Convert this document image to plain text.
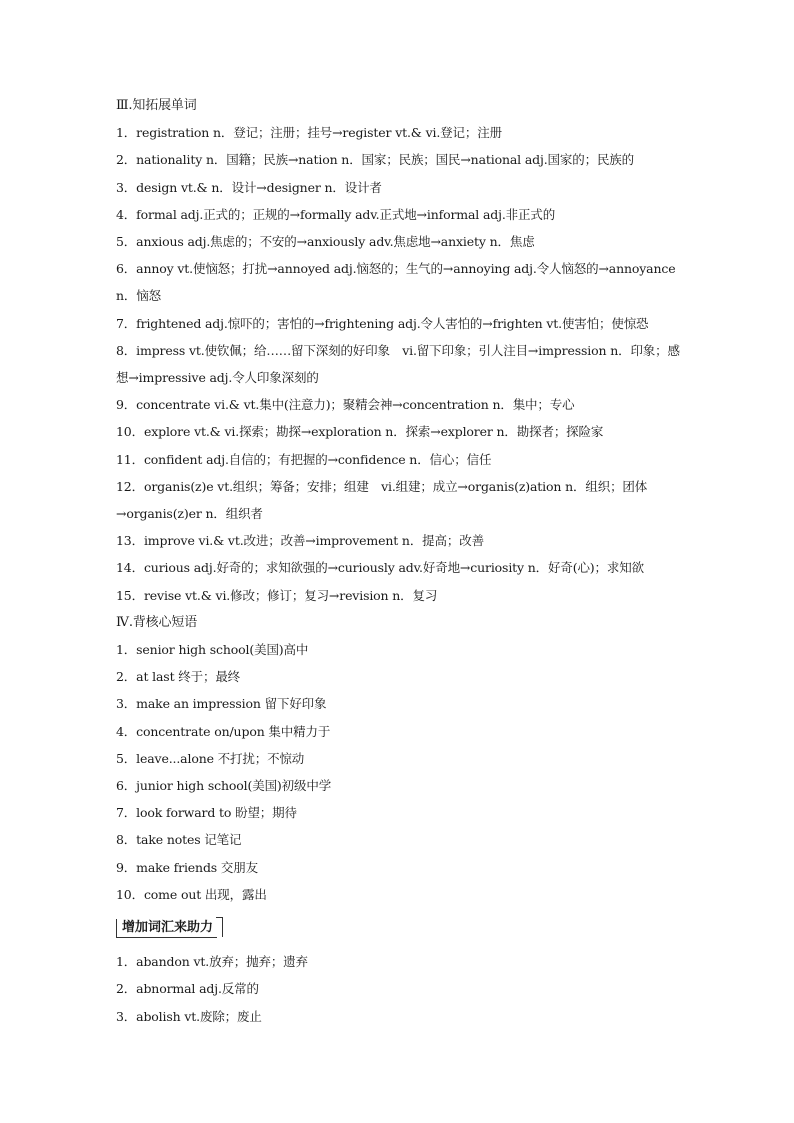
Ⅲ.知拓展单词
1．registration n．登记；注册；挂号→register vt.& vi.登记；注册
2．nationality n．国籍；民族→nation n．国家；民族；国民→national adj.国家的；民族的
3．design vt.& n．设计→designer n．设计者
4．formal adj.正式的；正规的→formally adv.正式地→informal adj.非正式的
5．anxious adj.焦虑的；不安的→anxiously adv.焦虑地→anxiety n．焦虑
6．annoy vt.使恼怒；打扰→annoyed adj.恼怒的；生气的→annoying adj.令人恼怒的→annoyance n．恼怒
7．frightened adj.惊吓的；害怕的→frightening adj.令人害怕的→frighten vt.使害怕；使惊恐
8．impress vt.使钦佩；给……留下深刻的好印象　vi.留下印象；引人注目→impression n．印象；感想→impressive adj.令人印象深刻的
9．concentrate vi.& vt.集中(注意力)；聚精会神→concentration n．集中；专心
10．explore vt.& vi.探索；勘探→exploration n．探索→explorer n．勘探者；探险家
11．confident adj.自信的；有把握的→confidence n．信心；信任
12．organis(z)e vt.组织；筹备；安排；组建　vi.组建；成立→organis(z)ation n．组织；团体→organis(z)er n．组织者
13．improve vi.& vt.改进；改善→improvement n．提高；改善
14．curious adj.好奇的；求知欲强的→curiously adv.好奇地→curiosity n．好奇(心)；求知欲
15．revise vt.& vi.修改；修订；复习→revision n．复习
Ⅳ.背核心短语
1．senior high school(美国)高中
2．at last 终于；最终
3．make an impression 留下好印象
4．concentrate on/upon 集中精力于
5．leave...alone 不打扰；不惊动
6．junior high school(美国)初级中学
7．look forward to 盼望；期待
8．take notes 记笔记
9．make friends 交朋友
10．come out 出现，露出
增加词汇来助力
1．abandon vt.放弃；抛弃；遗弃
2．abnormal adj.反常的
3．abolish vt.废除；废止
